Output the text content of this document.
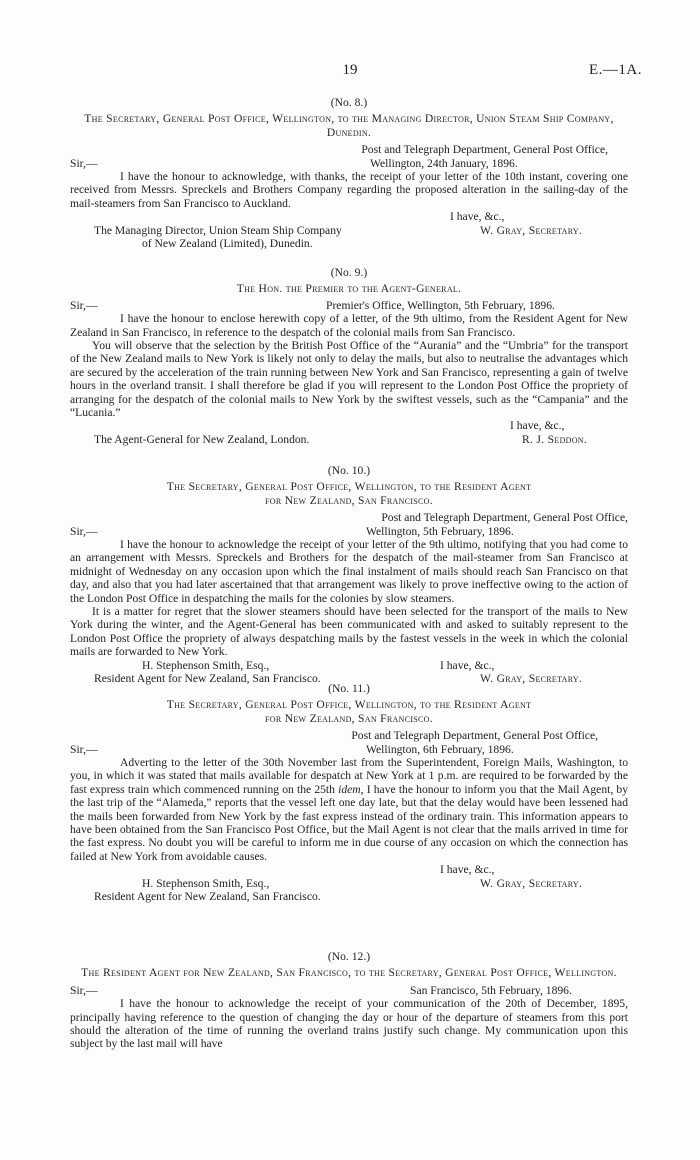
19	E.—1A.
(No. 8.)
The Secretary, General Post Office, Wellington, to the Managing Director, Union Steam Ship Company, Dunedin.
Post and Telegraph Department, General Post Office,
Sir,—	Wellington, 24th January, 1896.

I have the honour to acknowledge, with thanks, the receipt of your letter of the 10th instant, covering one received from Messrs. Spreckels and Brothers Company regarding the proposed alteration in the sailing-day of the mail-steamers from San Francisco to Auckland.

I have, &c.,
The Managing Director, Union Steam Ship Company	W. Gray, Secretary.
of New Zealand (Limited), Dunedin.
(No. 9.)
The Hon. the Premier to the Agent-General.
Sir,—	Premier's Office, Wellington, 5th February, 1896.

I have the honour to enclose herewith copy of a letter, of the 9th ultimo, from the Resident Agent for New Zealand in San Francisco, in reference to the despatch of the colonial mails from San Francisco.

You will observe that the selection by the British Post Office of the “Aurania” and the “Umbria” for the transport of the New Zealand mails to New York is likely not only to delay the mails, but also to neutralise the advantages which are secured by the acceleration of the train running between New York and San Francisco, representing a gain of twelve hours in the overland transit. I shall therefore be glad if you will represent to the London Post Office the propriety of arranging for the despatch of the colonial mails to New York by the swiftest vessels, such as the “Campania” and the “Lucania.”

I have, &c.,
The Agent-General for New Zealand, London.	R. J. Seddon.
(No. 10.)
The Secretary, General Post Office, Wellington, to the Resident Agent for New Zealand, San Francisco.
Post and Telegraph Department, General Post Office,
Sir,—	Wellington, 5th February, 1896.

I have the honour to acknowledge the receipt of your letter of the 9th ultimo, notifying that you had come to an arrangement with Messrs. Spreckels and Brothers for the despatch of the mail-steamer from San Francisco at midnight of Wednesday on any occasion upon which the final instalment of mails should reach San Francisco on that day, and also that you had later ascertained that that arrangement was likely to prove ineffective owing to the action of the London Post Office in despatching the mails for the colonies by slow steamers.

It is a matter for regret that the slower steamers should have been selected for the transport of the mails to New York during the winter, and the Agent-General has been communicated with and asked to suitably represent to the London Post Office the propriety of always despatching mails by the fastest vessels in the week in which the colonial mails are forwarded to New York.

H. Stephenson Smith, Esq.,	I have, &c.,
Resident Agent for New Zealand, San Francisco.	W. Gray, Secretary.
(No. 11.)
The Secretary, General Post Office, Wellington, to the Resident Agent for New Zealand, San Francisco.
Post and Telegraph Department, General Post Office,
Sir,—	Wellington, 6th February, 1896.

Adverting to the letter of the 30th November last from the Superintendent, Foreign Mails, Washington, to you, in which it was stated that mails available for despatch at New York at 1 p.m. are required to be forwarded by the fast express train which commenced running on the 25th idem, I have the honour to inform you that the Mail Agent, by the last trip of the “Alameda,” reports that the vessel left one day late, but that the delay would have been lessened had the mails been forwarded from New York by the fast express instead of the ordinary train. This information appears to have been obtained from the San Francisco Post Office, but the Mail Agent is not clear that the mails arrived in time for the fast express. No doubt you will be careful to inform me in due course of any occasion on which the connection has failed at New York from avoidable causes.

I have, &c.,
H. Stephenson Smith, Esq.,	W. Gray, Secretary.
Resident Agent for New Zealand, San Francisco.
(No. 12.)
The Resident Agent for New Zealand, San Francisco, to the Secretary, General Post Office, Wellington.
Sir,—	San Francisco, 5th February, 1896.

I have the honour to acknowledge the receipt of your communication of the 20th of December, 1895, principally having reference to the question of changing the day or hour of the departure of steamers from this port should the alteration of the time of running the overland trains justify such change. My communication upon this subject by the last mail will have
